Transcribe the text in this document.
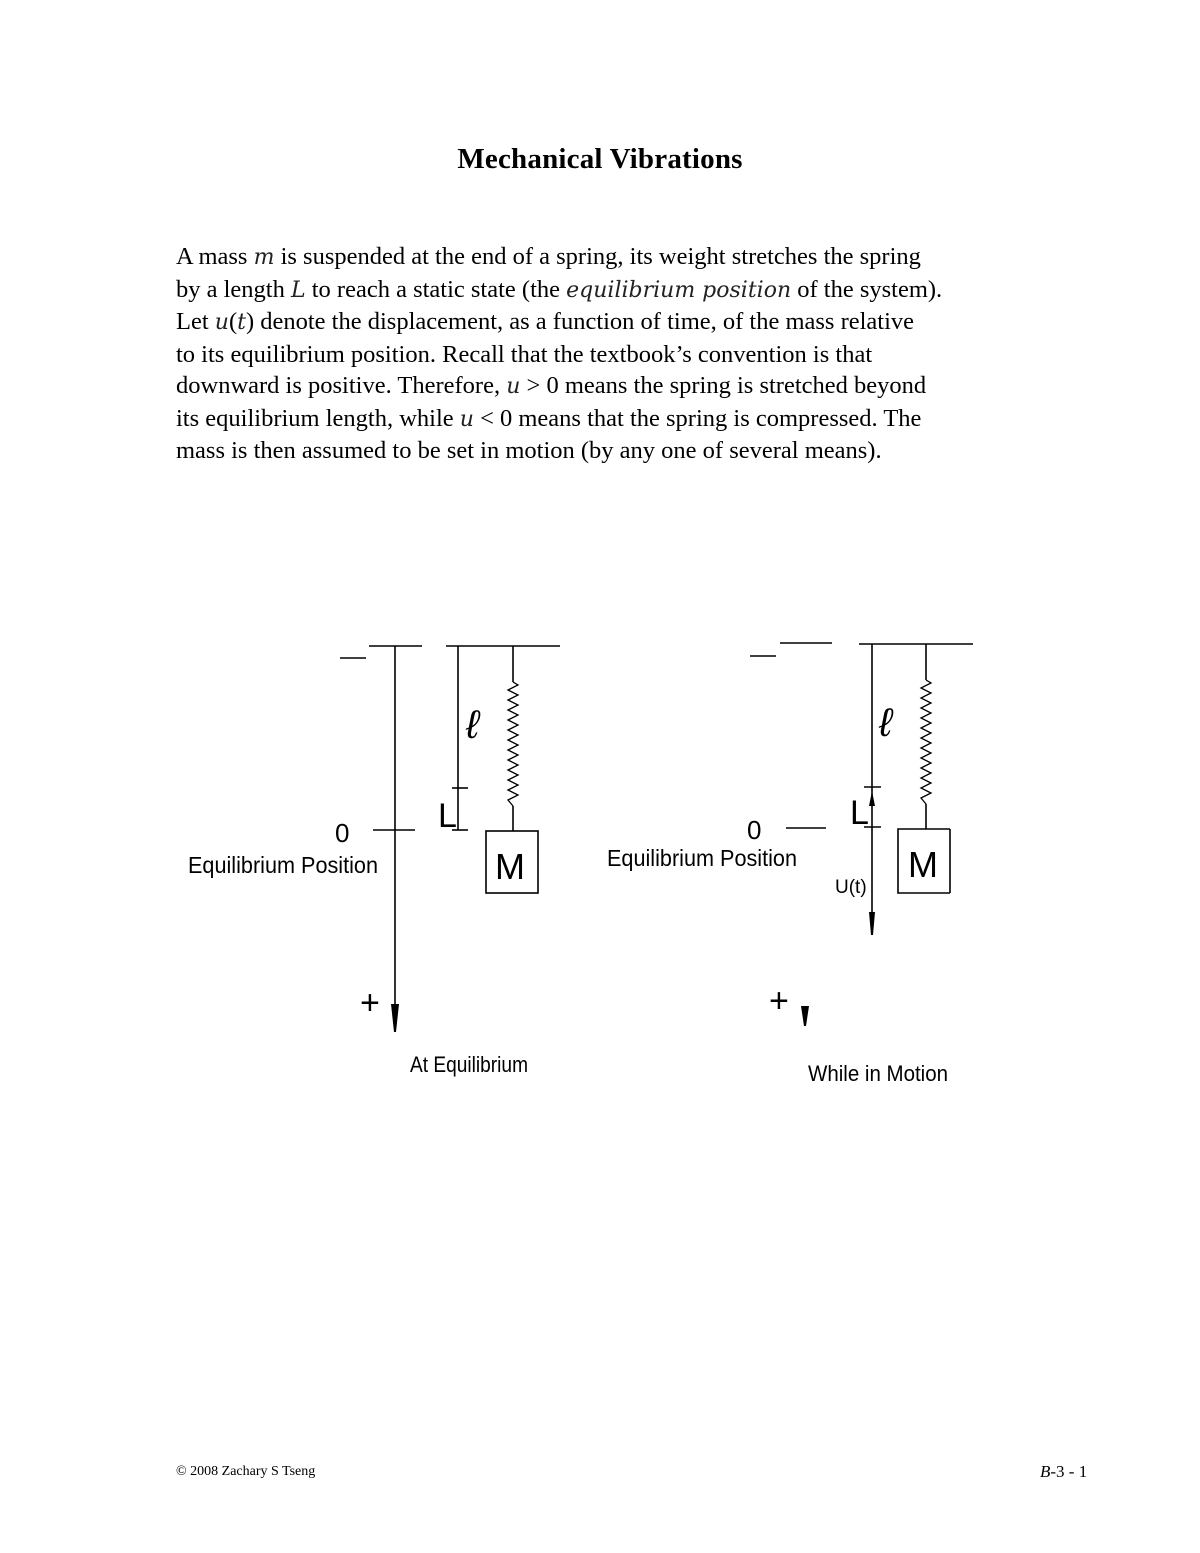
Mechanical Vibrations
A mass m is suspended at the end of a spring, its weight stretches the spring
by a length L to reach a static state (the equilibrium position of the system).
Let u(t) denote the displacement, as a function of time, of the mass relative
to its equilibrium position. Recall that the textbook’s convention is that
downward is positive. Therefore, u > 0 means the spring is stretched beyond
its equilibrium length, while u < 0 means that the spring is compressed. The
mass is then assumed to be set in motion (by any one of several means).
0
Equilibrium Position
ℓ
L
M
+
At Equilibrium
0
Equilibrium Position
ℓ
L
M
U(t)
+
While in Motion
© 2008 Zachary S Tseng	B-3 - 1
